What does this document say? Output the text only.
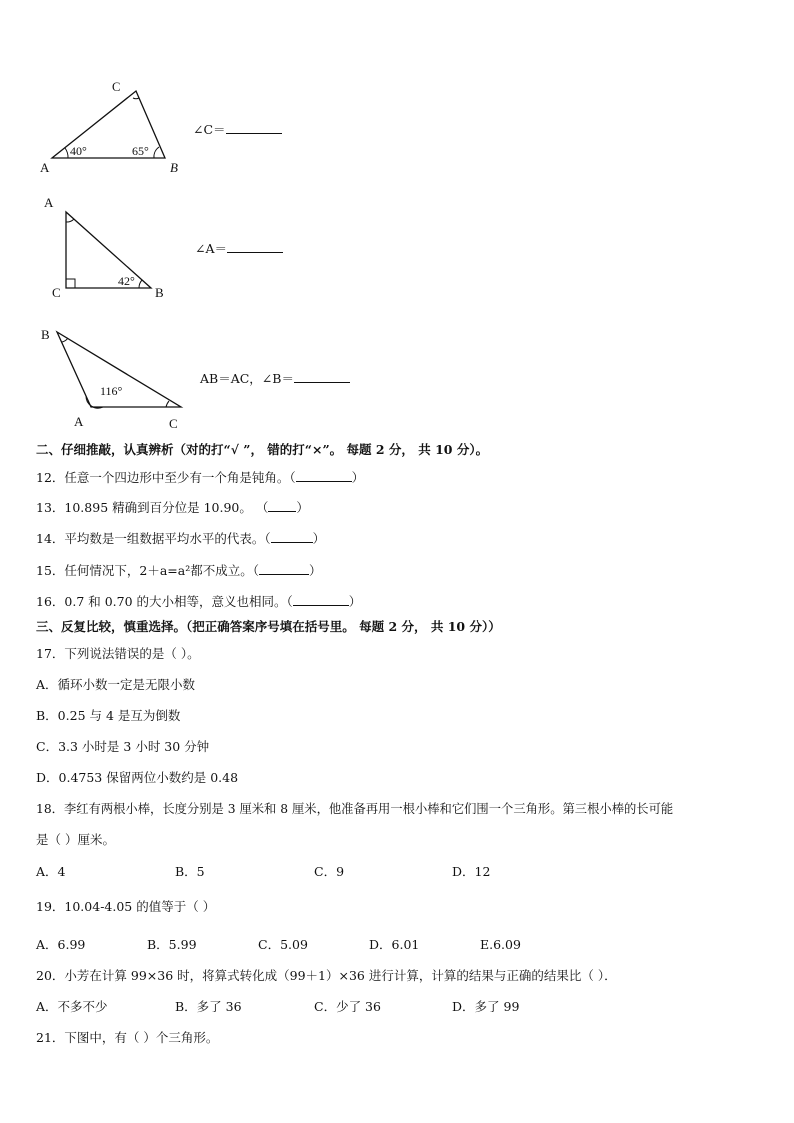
C
A	B
40°	65°
∠C＝
A
C	B
42°
∠A＝
B
A	C
116°
AB＝AC，∠B＝
二、仔细推敲，认真辨析（对的打“√ ”， 错的打“×”。 每题 2 分， 共 10 分）。
12．任意一个四边形中至少有一个角是钝角。（	）
13．10.895 精确到百分位是 10.90。 （ ）
14．平均数是一组数据平均水平的代表。（	）
15．任何情况下，2＋a=a²都不成立。（	）
16．0.7 和 0.70 的大小相等，意义也相同。（	）
三、反复比较，慎重选择。（把正确答案序号填在括号里。 每题 2 分， 共 10 分））
17．下列说法错误的是（ ）。
A．循环小数一定是无限小数
B．0.25 与 4 是互为倒数
C．3.3 小时是 3 小时 30 分钟
D．0.4753 保留两位小数约是 0.48
18．李红有两根小棒，长度分别是 3 厘米和 8 厘米，他准备再用一根小棒和它们围一个三角形。第三根小棒的长可能
是（ ）厘米。
A．4	B．5	C．9	D．12
19．10.04-4.05 的值等于（ ）
A．6.99	B．5.99	C．5.09	D．6.01	E.6.09
20．小芳在计算 99×36 时，将算式转化成（99＋1）×36 进行计算，计算的结果与正确的结果比（ ）．
A．不多不少	B．多了 36	C．少了 36	D．多了 99
21．下图中，有（ ）个三角形。
